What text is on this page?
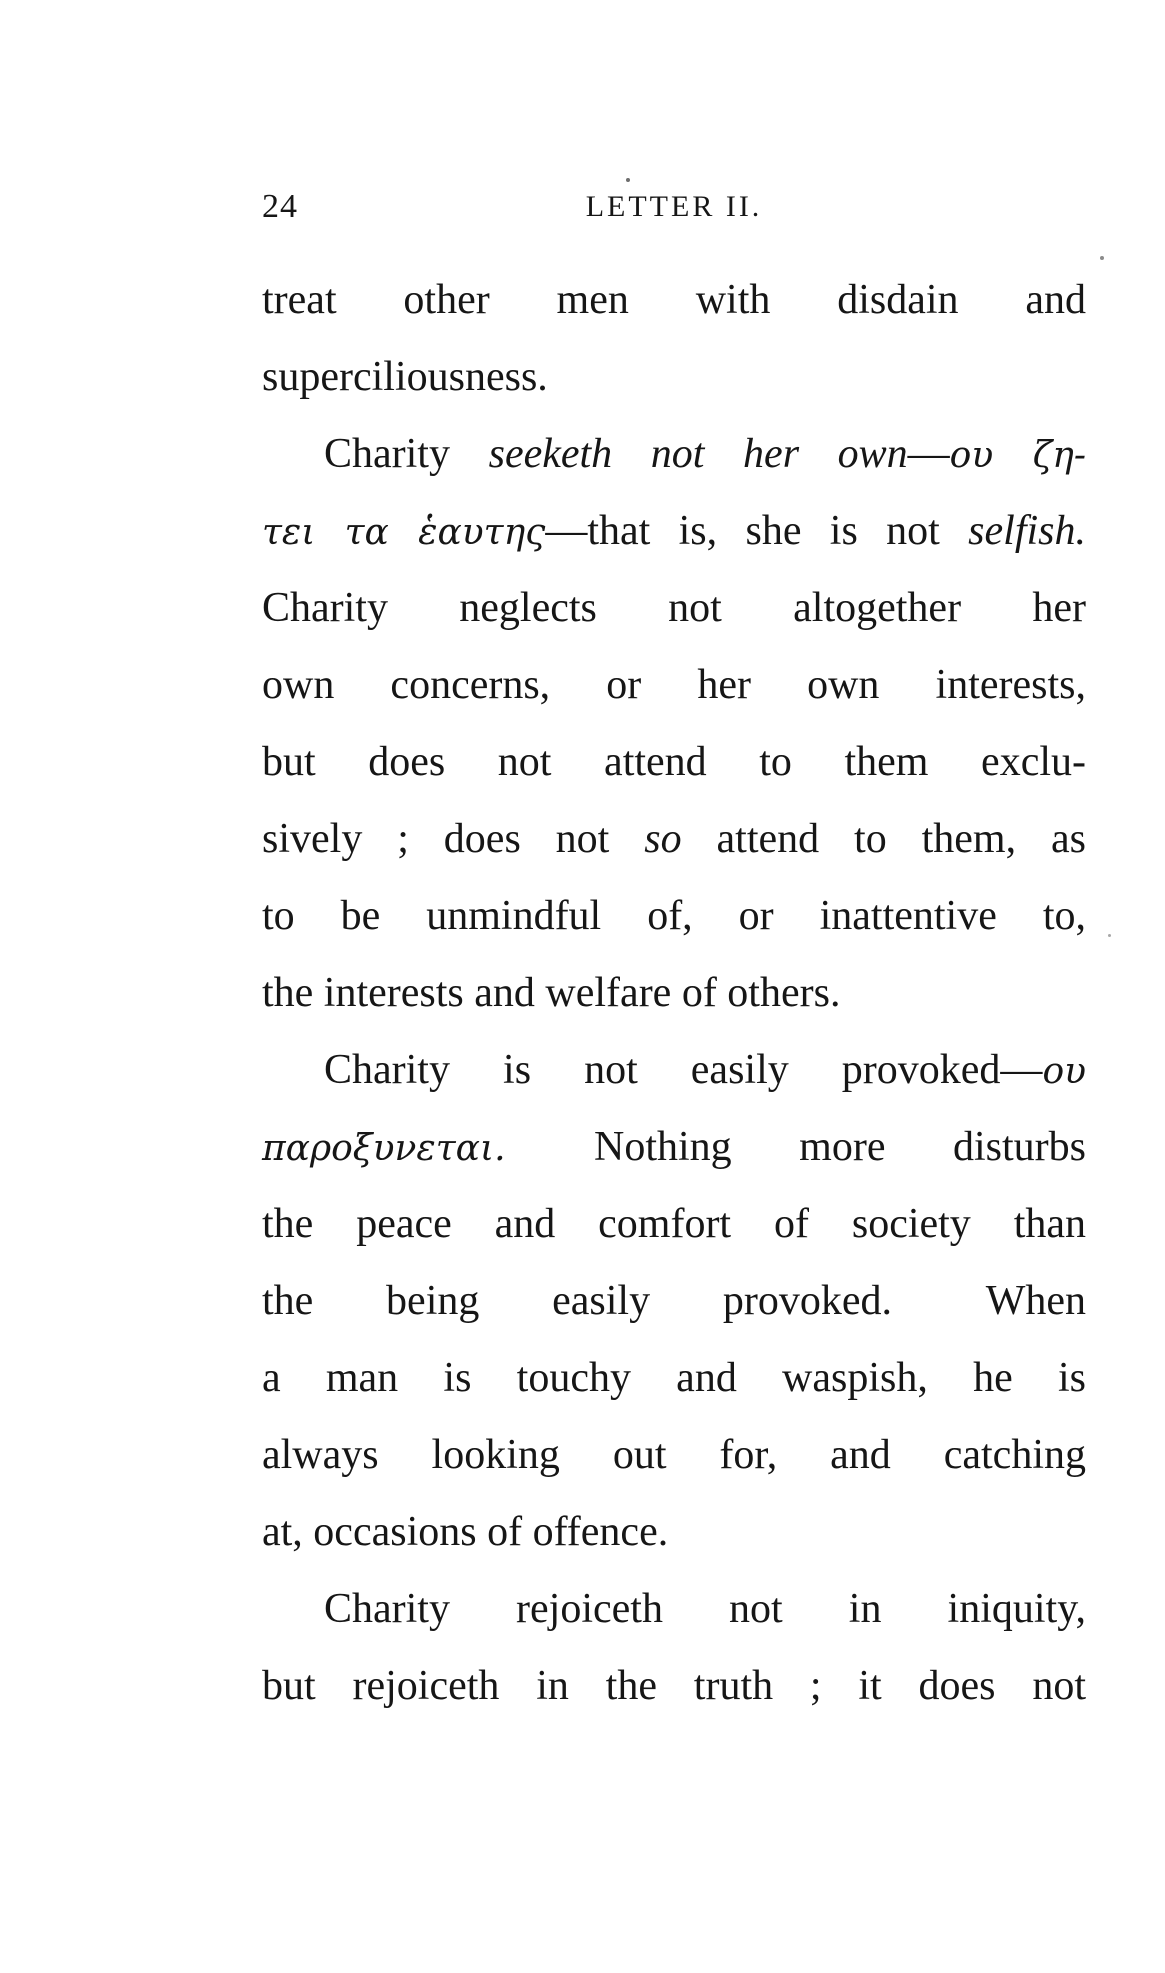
24	LETTER II.
treat other men with disdain and
superciliousness.
Charity seeketh not her own—ου ζη-
τει τα ἑαυτης—that is, she is not selfish.
Charity neglects not altogether her
own concerns, or her own interests,
but does not attend to them exclu-
sively ; does not so attend to them, as
to be unmindful of, or inattentive to,
the interests and welfare of others.
Charity is not easily provoked—ου
παροξυνεται.  Nothing more disturbs
the peace and comfort of society than
the being easily provoked.  When
a man is touchy and waspish, he is
always looking out for, and catching
at, occasions of offence.
Charity rejoiceth not in iniquity,
but rejoiceth in the truth ; it does not
